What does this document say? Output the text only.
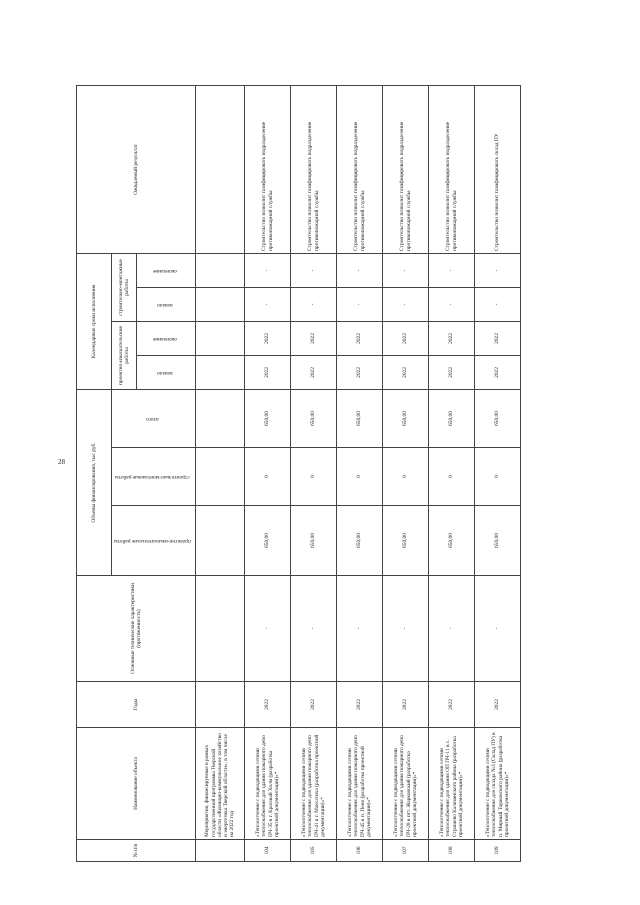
28
№ п/п	Наименование объекта	Годы	Основные технические характеристики (протяженность)	Объемы финансирования, тыс руб.			Календарные сроки исполнения				Ожидаемый результат
				проектно-изыскательские работы	строительно-монтажные работы	итого	проектно-изыскательские работы		строительно-монтажные работы		
							начало	окончание	начало	окончание	
	Мероприятия, финансируемые в рамках государственной программы Тверской области «Жилищно-коммунальное хозяйство и энергетика Тверской области», в том числе на 2022 год										
104	«Теплоотчение с подводящими сетями теплоснабжения для здания пожарного депо ПЧ-35 в г. Красный Холм (разработка проектной документации)»*	2022	-	650,00	0	650,00	2022	2022	-	-	Строительство позволит газифицировать подразделение противопожарной службы
105	«Теплоотчение с подводящими сетями теплоснабжения для здания пожарного депо ПЧ-41 в г. Максатиха (разработка проектной документации)»*	2022	-	650,00	0	650,00	2022	2022	-	-	Строительство позволит газифицировать подразделение противопожарной службы
106	«Теплоотчение с подводящими сетями теплоснабжения для здания пожарного депо ПЧ-45 в п. Пено (разработка проектной документации)»*	2022	-	650,00	0	650,00	2022	2022	-	-	Строительство позволит газифицировать подразделение противопожарной службы
107	«Теплоотчение с подводящими сетями теплоснабжения для здания пожарного депо ПЧ-28 в пгт. Жарковский (разработка проектной документации)»*	2022	-	650,00	0	650,00	2022	2022	-	-	Строительство позволит газифицировать подразделение противопожарной службы
108	«Теплоотчение с подводящими сетями теплоснабжения для здания ОП ПЧ-11 в с. Страшево Калязинского района (разработка проектной документации)»*	2022	-	650,00	0	650,00	2022	2022	-	-	Строительство позволит газифицировать подразделение противопожарной службы
109	«Теплоотчение с подводящими сетями теплоснабжения для склада №3 (Склад ПУ) в п. Мирный Торжокского района (разработка проектной документации)»*	2022	-	650,00	0	650,00	2022	2022	-	-	Строительство позволит газифицировать склад ПУ
